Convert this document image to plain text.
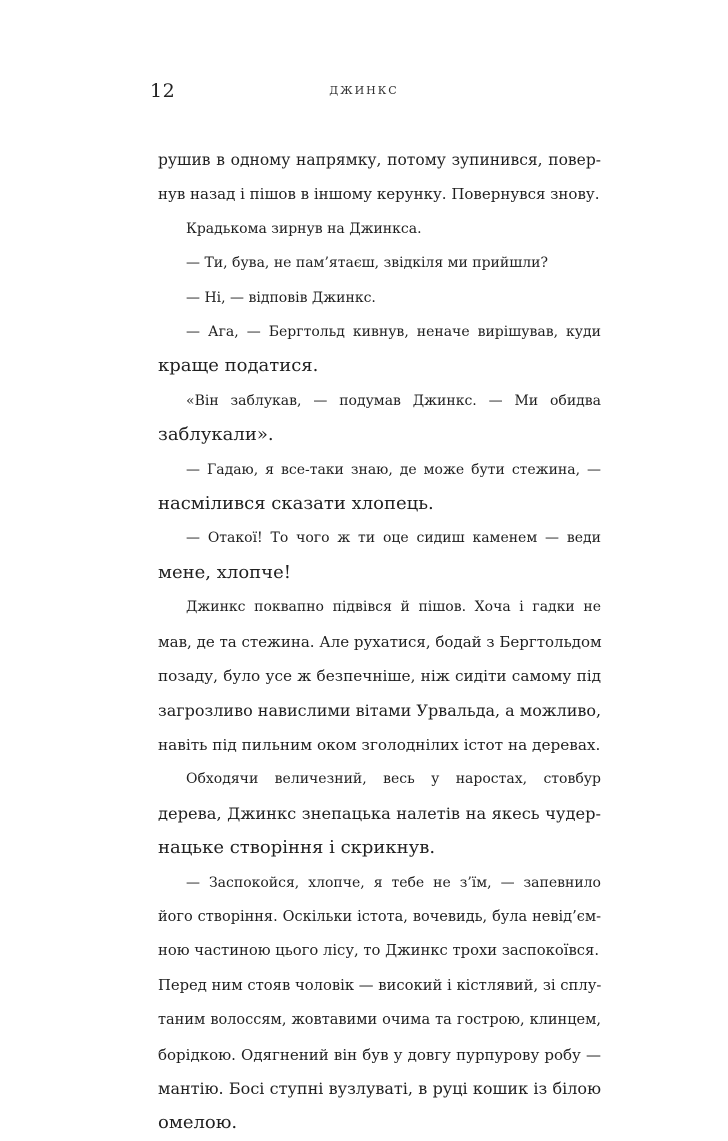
12	ДЖИНКС
рушив в одному напрямку, потому зупинився, повер-
нув назад і пішов в іншому керунку. Повернувся знову.
Крадькома зирнув на Джинкса.
— Ти, бува, не пам’ятаєш, звідкіля ми прийшли?
— Ні, — відповів Джинкс.
— Ага, — Бергтольд кивнув, неначе вирішував, куди
краще податися.
«Він заблукав, — подумав Джинкс. — Ми обидва
заблукали».
— Гадаю, я все-таки знаю, де може бути стежина, —
насмілився сказати хлопець.
— Отакої! То чого ж ти оце сидиш каменем — веди
мене, хлопче!
Джинкс поквапно підвівся й пішов. Хоча і гадки не
мав, де та стежина. Але рухатися, бодай з Бергтольдом
позаду, було усе ж безпечніше, ніж сидіти самому під
загрозливо навислими вітами Урвальда, а можливо,
навіть під пильним оком зголоднілих істот на деревах.
Обходячи величезний, весь у наростах, стовбур
дерева, Джинкс знепацька налетів на якесь чудер-
нацьке створіння і скрикнув.
— Заспокойся, хлопче, я тебе не з’їм, — запевнило
його створіння. Оскільки істота, вочевидь, була невід’єм-
ною частиною цього лісу, то Джинкс трохи заспокоївся.
Перед ним стояв чоловік — високий і кістлявий, зі сплу-
таним волоссям, жовтавими очима та гострою, клинцем,
борідкою. Одягнений він був у довгу пурпурову робу —
мантію. Босі ступні вузлуваті, в руці кошик із білою
омелою.
